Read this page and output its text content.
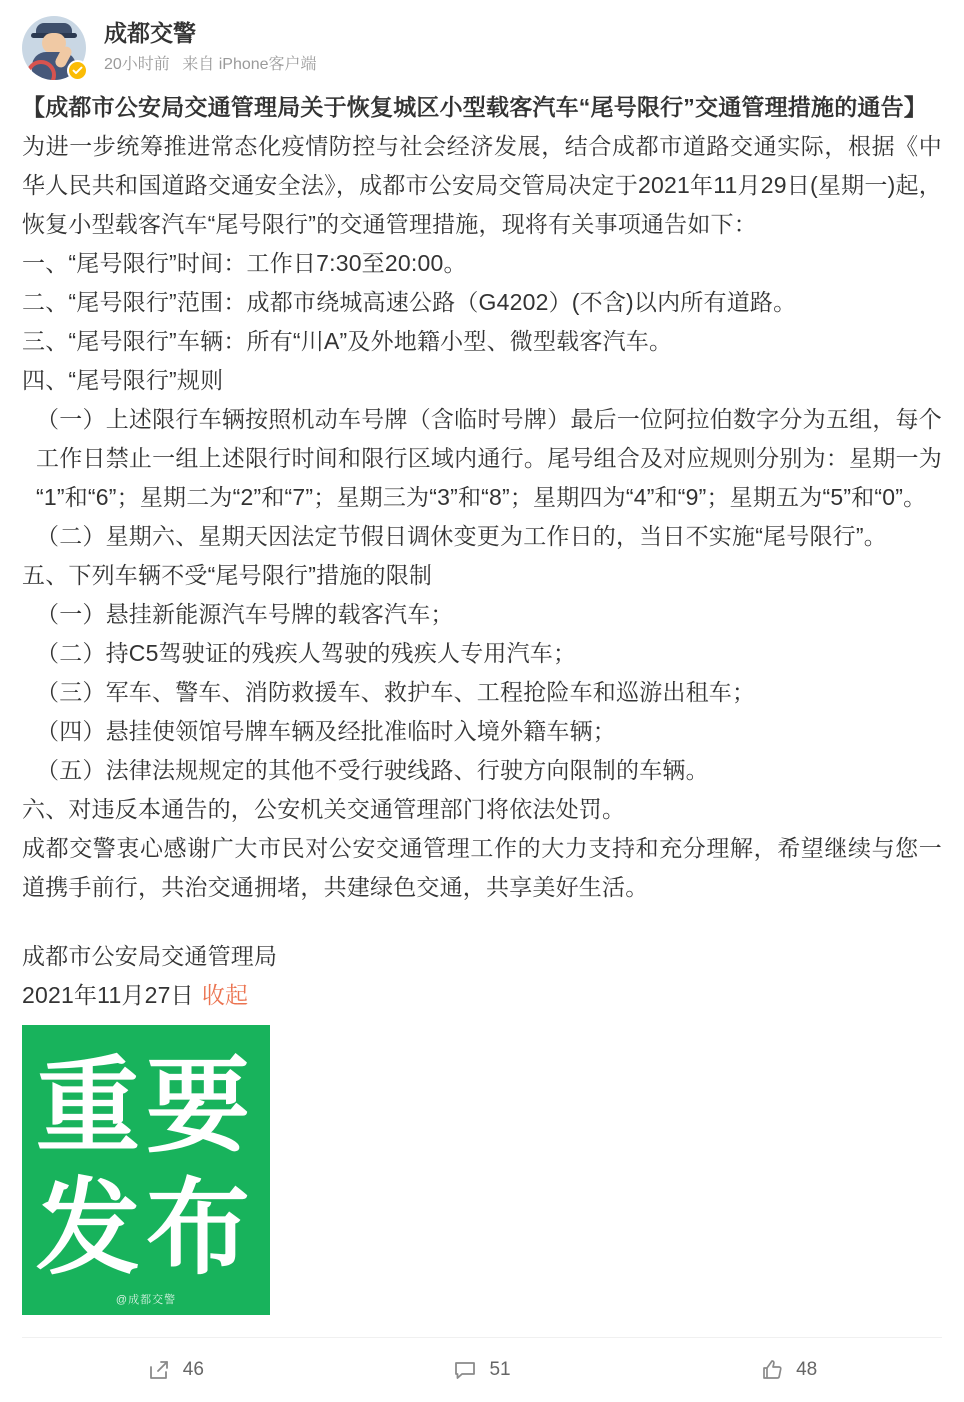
成都交警
20小时前 来自 iPhone客户端

【成都市公安局交通管理局关于恢复城区小型载客汽车“尾号限行”交通管理措施的通告】

为进一步统筹推进常态化疫情防控与社会经济发展，结合成都市道路交通实际，根据《中华人民共和国道路交通安全法》，成都市公安局交管局决定于2021年11月29日(星期一)起，恢复小型载客汽车“尾号限行”的交通管理措施，现将有关事项通告如下：

一、“尾号限行”时间：工作日7:30至20:00。

二、“尾号限行”范围：成都市绕城高速公路（G4202）(不含)以内所有道路。

三、“尾号限行”车辆：所有“川A”及外地籍小型、微型载客汽车。

四、“尾号限行”规则

（一）上述限行车辆按照机动车号牌（含临时号牌）最后一位阿拉伯数字分为五组，每个工作日禁止一组上述限行时间和限行区域内通行。尾号组合及对应规则分别为：星期一为“1”和“6”；星期二为“2”和“7”；星期三为“3”和“8”；星期四为“4”和“9”；星期五为“5”和“0”。

（二）星期六、星期天因法定节假日调休变更为工作日的，当日不实施“尾号限行”。

五、下列车辆不受“尾号限行”措施的限制

（一）悬挂新能源汽车号牌的载客汽车；

（二）持C5驾驶证的残疾人驾驶的残疾人专用汽车；

（三）军车、警车、消防救援车、救护车、工程抢险车和巡游出租车；

（四）悬挂使领馆号牌车辆及经批准临时入境外籍车辆；

（五）法律法规规定的其他不受行驶线路、行驶方向限制的车辆。

六、对违反本通告的，公安机关交通管理部门将依法处罚。

成都交警衷心感谢广大市民对公安交通管理工作的大力支持和充分理解，希望继续与您一道携手前行，共治交通拥堵，共建绿色交通，共享美好生活。

成都市公安局交通管理局

2021年11月27日 收起

重要
发布
@成都交警
46	51	48
